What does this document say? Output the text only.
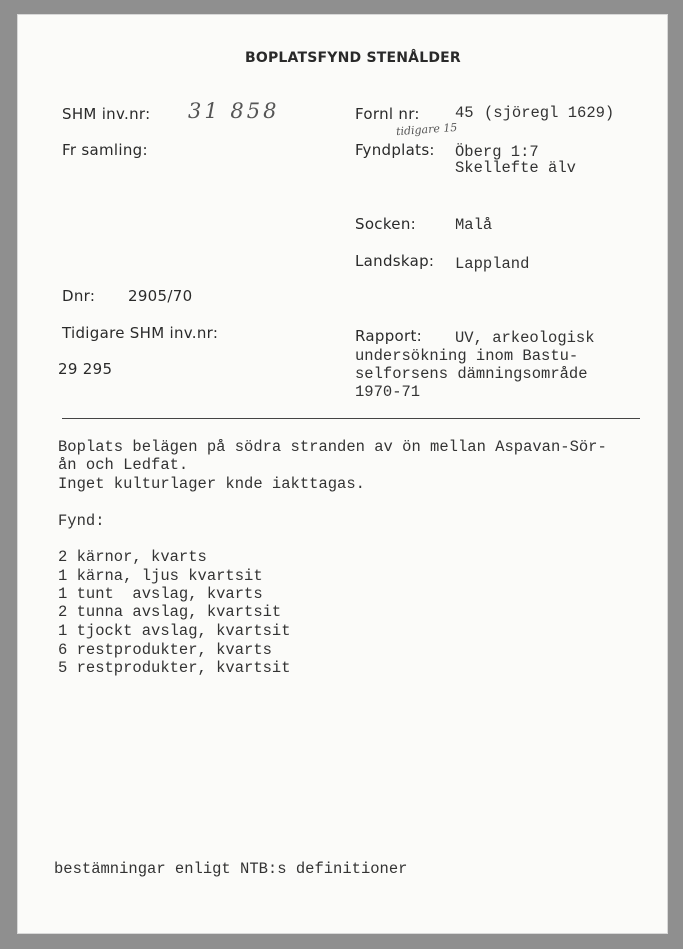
BOPLATSFYND STENÅLDER
SHM inv.nr: 31 858
Fr samling:
Dnr: 2905/70
Tidigare SHM inv.nr:
29 295
Fornl nr: 45 (sjöregl 1629)
tidigare 15
Fyndplats: Öberg 1:7
Skellefte älv
Socken:	Malå
Landskap: Lappland
Rapport: UV, arkeologisk
undersökning inom Bastu-
selforsens dämningsområde
1970-71
Boplats belägen på södra stranden av ön mellan Aspavan-Sör-
ån och Ledfat.
Inget kulturlager knde iakttagas.
Fynd:
2 kärnor, kvarts
1 kärna, ljus kvartsit
1 tunt  avslag, kvarts
2 tunna avslag, kvartsit
1 tjockt avslag, kvartsit
6 restprodukter, kvarts
5 restprodukter, kvartsit
bestämningar enligt NTB:s definitioner
